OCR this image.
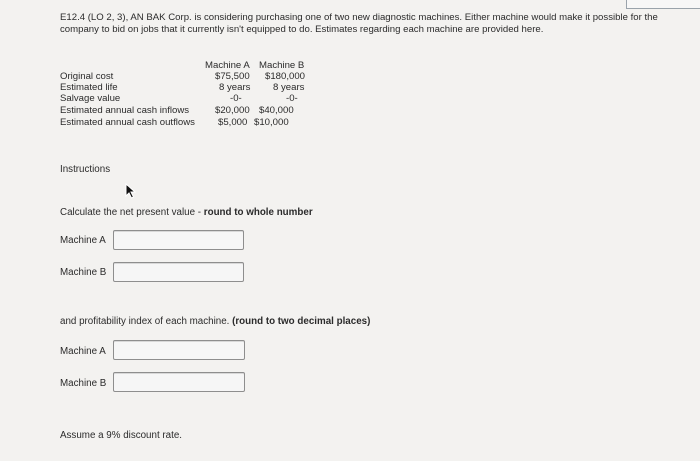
E12.4 (LO 2, 3), AN BAK Corp. is considering purchasing one of two new diagnostic machines. Either machine would make it possible for the
company to bid on jobs that it currently isn't equipped to do. Estimates regarding each machine are provided here.
Machine A Machine B
Original cost	$75,500 $180,000
Estimated life	8 years 8 years
Salvage value	-0-	-0-
Estimated annual cash inflows	$20,000 $40,000
Estimated annual cash outflows $5,000 $10,000
Instructions
Calculate the net present value - round to whole number
Machine A
Machine B
and profitability index of each machine. (round to two decimal places)
Machine A
Machine B
Assume a 9% discount rate.
